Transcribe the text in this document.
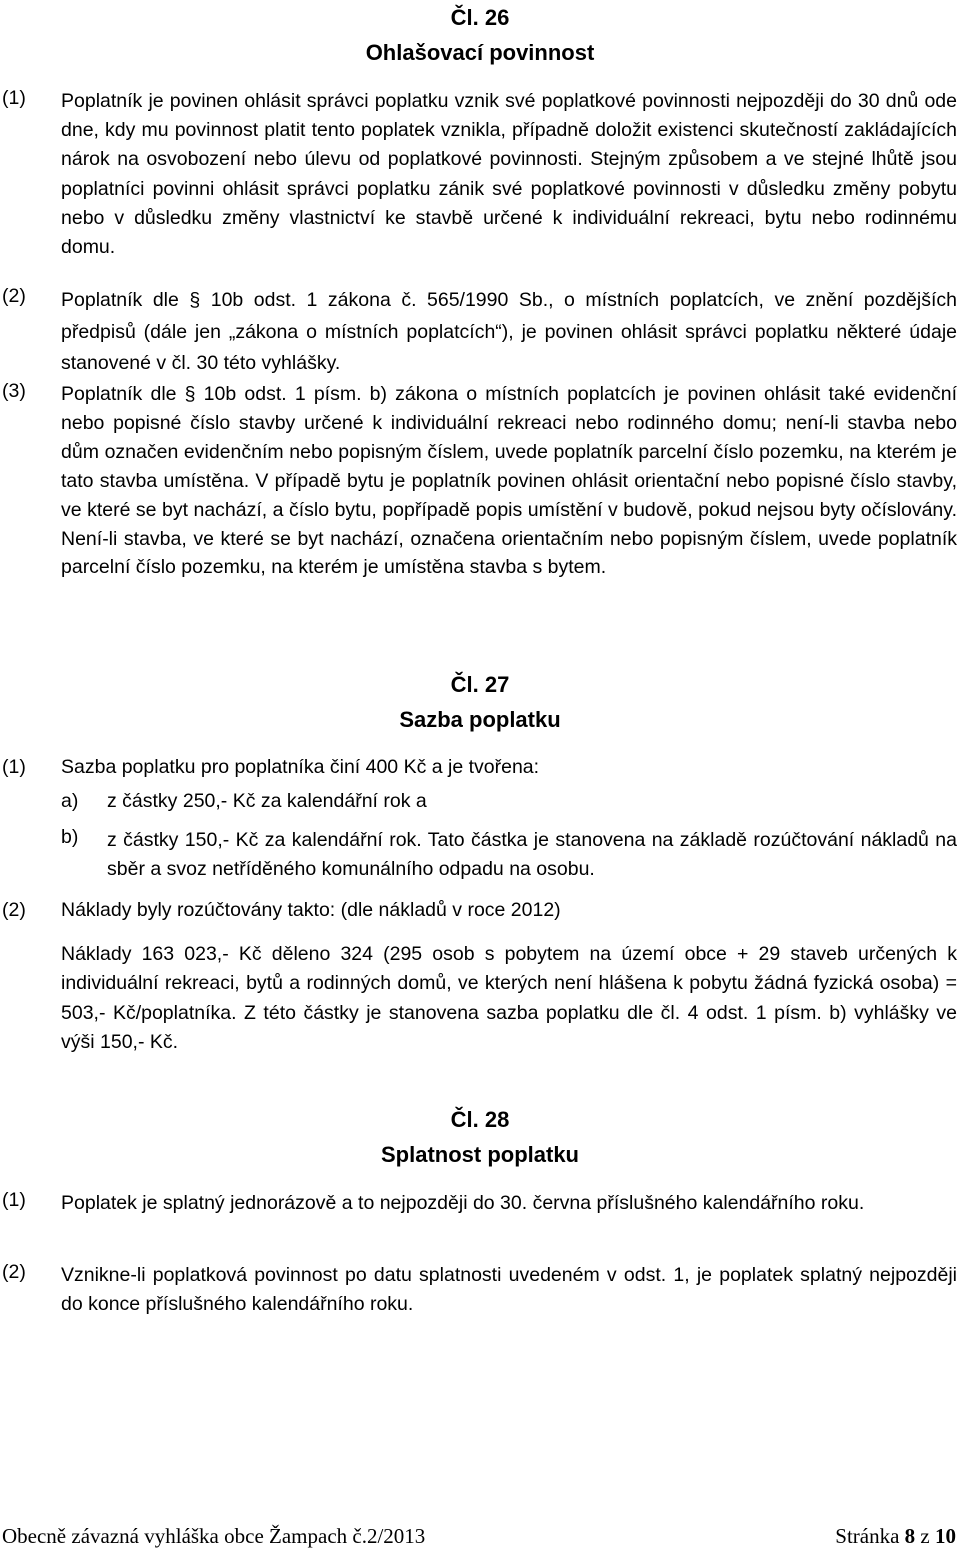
Čl. 26
Ohlašovací povinnost
(1) Poplatník je povinen ohlásit správci poplatku vznik své poplatkové povinnosti nejpozději do 30 dnů ode dne, kdy mu povinnost platit tento poplatek vznikla, případně doložit existenci skutečností zakládajících nárok na osvobození nebo úlevu od poplatkové povinnosti. Stejným způsobem a ve stejné lhůtě jsou poplatníci povinni ohlásit správci poplatku zánik své poplatkové povinnosti v důsledku změny pobytu nebo v důsledku změny vlastnictví ke stavbě určené k individuální rekreaci, bytu nebo rodinnému domu.
(2) Poplatník dle § 10b odst. 1 zákona č. 565/1990 Sb., o místních poplatcích, ve znění pozdějších předpisů (dále jen „zákona o místních poplatcích“), je povinen ohlásit správci poplatku některé údaje stanovené v čl. 30 této vyhlášky.
(3) Poplatník dle § 10b odst. 1 písm. b) zákona o místních poplatcích je povinen ohlásit také evidenční nebo popisné číslo stavby určené k individuální rekreaci nebo rodinného domu; není-li stavba nebo dům označen evidenčním nebo popisným číslem, uvede poplatník parcelní číslo pozemku, na kterém je tato stavba umístěna. V případě bytu je poplatník povinen ohlásit orientační nebo popisné číslo stavby, ve které se byt nachází, a číslo bytu, popřípadě popis umístění v budově, pokud nejsou byty očíslovány. Není-li stavba, ve které se byt nachází, označena orientačním nebo popisným číslem, uvede poplatník parcelní číslo pozemku, na kterém je umístěna stavba s bytem.
Čl. 27
Sazba poplatku
(1) Sazba poplatku pro poplatníka činí 400 Kč a je tvořena:
a) z částky 250,- Kč za kalendářní rok a
b) z částky 150,- Kč za kalendářní rok. Tato částka je stanovena na základě rozúčtování nákladů na sběr a svoz netříděného komunálního odpadu na osobu.
(2) Náklady byly rozúčtovány takto: (dle nákladů v roce 2012)
Náklady 163 023,- Kč děleno 324 (295 osob s pobytem na území obce + 29 staveb určených k individuální rekreaci, bytů a rodinných domů, ve kterých není hlášena k pobytu žádná fyzická osoba) = 503,- Kč/poplatníka. Z této částky je stanovena sazba poplatku dle čl. 4 odst. 1 písm. b) vyhlášky ve výši 150,- Kč.
Čl. 28
Splatnost poplatku
(1) Poplatek je splatný jednorázově a to nejpozději do 30. června příslušného kalendářního roku.
(2) Vznikne-li poplatková povinnost po datu splatnosti uvedeném v odst. 1, je poplatek splatný nejpozději do konce příslušného kalendářního roku.
Obecně závazná vyhláška obce Žampach č.2/2013	Stránka 8 z 10
